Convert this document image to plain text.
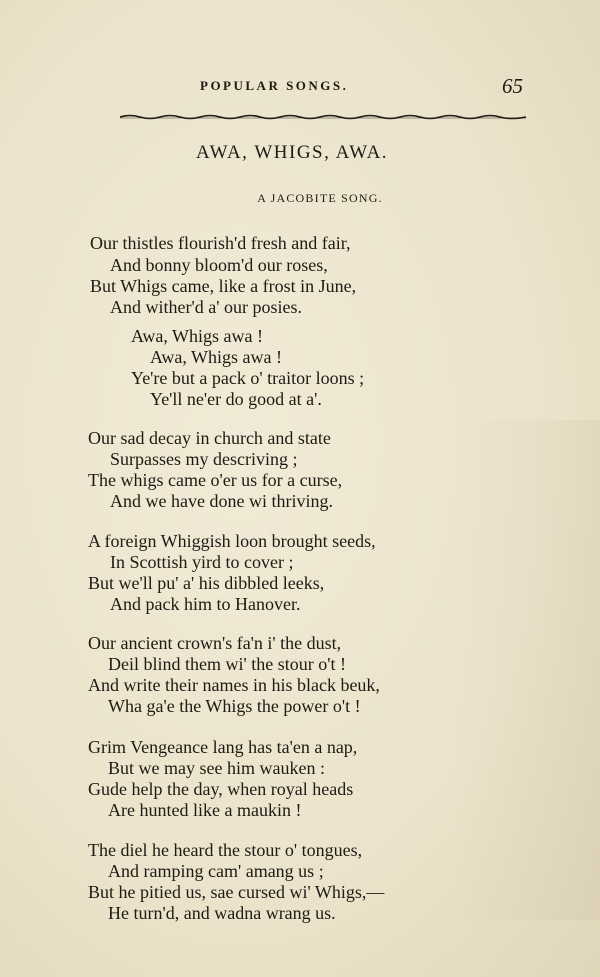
POPULAR SONGS.	65
AWA, WHIGS, AWA.
A JACOBITE SONG.
Our thistles flourish'd fresh and fair,
And bonny bloom'd our roses,
But Whigs came, like a frost in June,
And wither'd a' our posies.
Awa, Whigs awa !
Awa, Whigs awa !
Ye're but a pack o' traitor loons ;
Ye'll ne'er do good at a'.
Our sad decay in church and state
Surpasses my descriving ;
The whigs came o'er us for a curse,
And we have done wi thriving.
A foreign Whiggish loon brought seeds,
In Scottish yird to cover ;
But we'll pu' a' his dibbled leeks,
And pack him to Hanover.
Our ancient crown's fa'n i' the dust,
Deil blind them wi' the stour o't !
And write their names in his black beuk,
Wha ga'e the Whigs the power o't !
Grim Vengeance lang has ta'en a nap,
But we may see him wauken :
Gude help the day, when royal heads
Are hunted like a maukin !
The diel he heard the stour o' tongues,
And ramping cam' amang us ;
But he pitied us, sae cursed wi' Whigs,—
He turn'd, and wadna wrang us.
